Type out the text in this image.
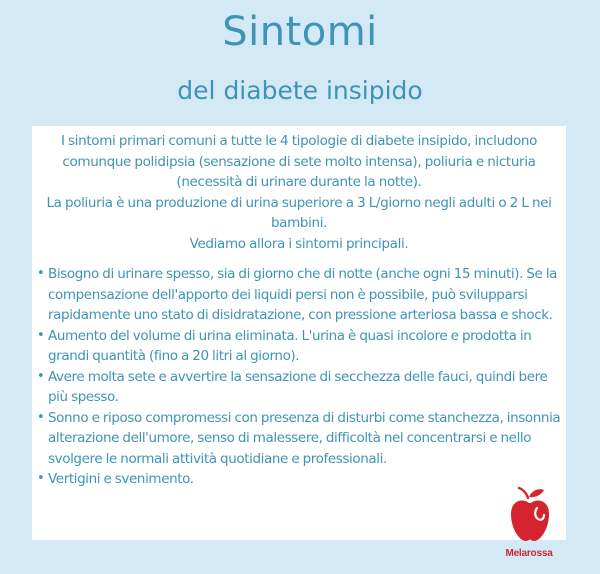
Sintomi
del diabete insipido

I sintomi primari comuni a tutte le 4 tipologie di diabete insipido, includono comunque polidipsia (sensazione di sete molto intensa), poliuria e nicturia (necessità di urinare durante la notte).

La poliuria è una produzione di urina superiore a 3 L/giorno negli adulti o 2 L nei bambini.

Vediamo allora i sintomi principali.

• Bisogno di urinare spesso, sia di giorno che di notte (anche ogni 15 minuti). Se la compensazione dell'apporto dei liquidi persi non è possibile, può svilupparsi rapidamente uno stato di disidratazione, con pressione arteriosa bassa e shock.
• Aumento del volume di urina eliminata. L'urina è quasi incolore e prodotta in grandi quantità (fino a 20 litri al giorno).
• Avere molta sete e avvertire la sensazione di secchezza delle fauci, quindi bere più spesso.
• Sonno e riposo compromessi con presenza di disturbi come stanchezza, insonnia alterazione dell'umore, senso di malessere, difficoltà nel concentrarsi e nello svolgere le normali attività quotidiane e professionali.
• Vertigini e svenimento.
Melarossa
